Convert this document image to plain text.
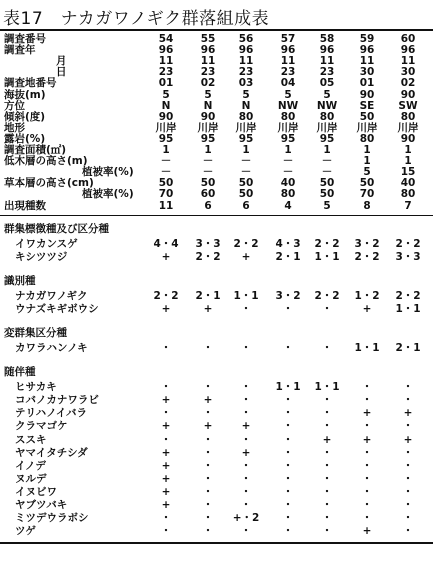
表17　ナカガワノギク群落組成表
調査番号	54	55	56	57	58	59	60
調査年	96	96	96	96	96	96	96
月	11	11	11	11	11	11	11
日	23	23	23	23	23	30	30
調査地番号	01	02	03	04	05	01	02
海抜(m)	5	5	5	5	5	90	90
方位	N	N	N	NW	NW	SE	SW
傾斜(度)	90	90	80	80	80	50	80
地形	川岸	川岸	川岸	川岸	川岸	川岸	川岸
露岩(%)	95	95	95	95	95	80	90
調査面積(㎡)	1	1	1	1	1	1	1
低木層の高さ(m)	－	－	－	－	－	1	1
植被率(%)	－	－	－	－	－	5	15
草本層の高さ(cm)	50	50	50	40	50	50	40
植被率(%)	70	60	50	80	50	70	80
出現種数	11	6	6	4	5	8	7
群集標徴種及び区分種
イワカンスゲ	4・4	3・3	2・2	4・3	2・2	3・2	2・2
キシツツジ	+	2・2	+	2・1	1・1	2・2	3・3
識別種
ナカガワノギク	2・2	2・1	1・1	3・2	2・2	1・2	2・2
ウナズキギボウシ	+	+	・	・	・	+	1・1
変群集区分種
カワラハンノキ	・	・	・	・	・	1・1	2・1
随伴種
ヒサカキ	・	・	・	1・1	1・1	・	・
コバノカナワラビ	+	+	・	・	・	・	・
テリハノイバラ	・	・	・	・	・	+	+
クラマゴケ	+	+	+	・	・	・	・
ススキ	・	・	・	・	+	+	+
ヤマイタチシダ	+	・	+	・	・	・	・
イノデ	+	・	・	・	・	・	・
ヌルデ	+	・	・	・	・	・	・
イヌビワ	+	・	・	・	・	・	・
ヤブツバキ	+	・	・	・	・	・	・
ミツデウラボシ	・	・	+・2	・	・	・	・
ツゲ	・	・	・	・	・	+	・
